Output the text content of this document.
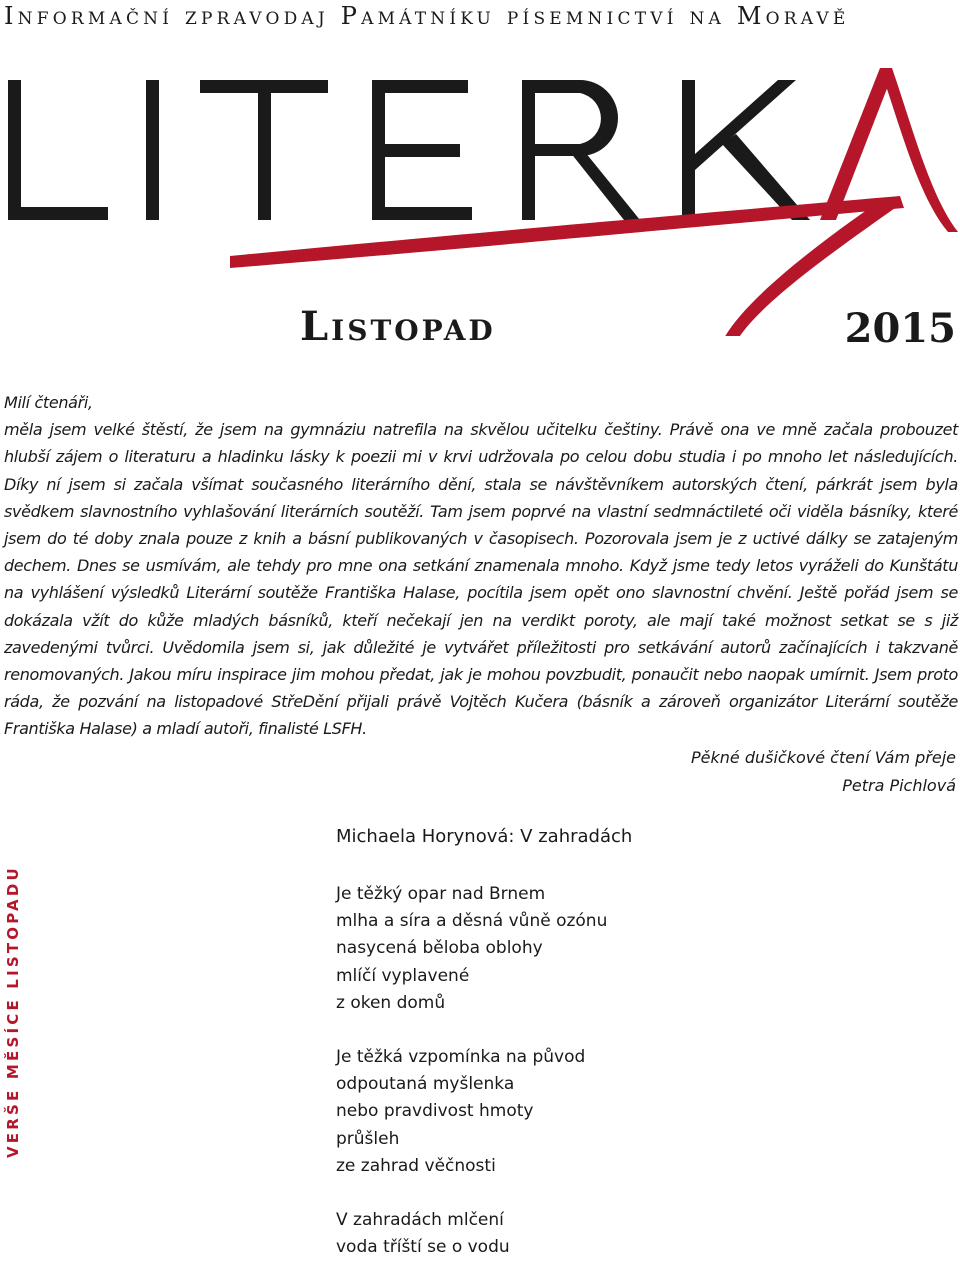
Informační zpravodaj Památníku písemnictví na Moravě
Listopad	2015

Milí čtenáři,

měla jsem velké štěstí, že jsem na gymnáziu natrefila na skvělou učitelku češtiny. Právě ona ve mně začala probouzet hlubší zájem o literaturu a hladinku lásky k poezii mi v krvi udržovala po celou dobu studia i po mnoho let následujících. Díky ní jsem si začala všímat současného literárního dění, stala se návštěvníkem autorských čtení, párkrát jsem byla svědkem slavnostního vyhlašování literárních soutěží. Tam jsem poprvé na vlastní sedmnáctileté oči viděla básníky, které jsem do té doby znala pouze z knih a básní publikovaných v časopisech. Pozorovala jsem je z uctivé dálky se zatajeným dechem. Dnes se usmívám, ale tehdy pro mne ona setkání znamenala mnoho. Když jsme tedy letos vyráželi do Kunštátu na vyhlášení výsledků Literární soutěže Františka Halase, pocítila jsem opět ono slavnostní chvění. Ještě pořád jsem se dokázala vžít do kůže mladých básníků, kteří nečekají jen na verdikt poroty, ale mají také možnost setkat se s již zavedenými tvůrci. Uvědomila jsem si, jak důležité je vytvářet příležitosti pro setkávání autorů začínajících i takzvaně renomovaných. Jakou míru inspirace jim mohou předat, jak je mohou povzbudit, ponaučit nebo naopak umírnit. Jsem proto ráda, že pozvání na listopadové StřeDění přijali právě Vojtěch Kučera (básník a zároveň organizátor Literární soutěže Františka Halase) a mladí autoři, finalisté LSFH.

Pěkné dušičkové čtení Vám přeje
Petra Pichlová
VERŠE MĚSÍCE LISTOPADU
Michaela Horynová: V zahradách
Je těžký opar nad Brnem
mlha a síra a děsná vůně ozónu
nasycená běloba oblohy
mlíčí vyplavené
z oken domů
Je těžká vzpomínka na původ
odpoutaná myšlenka
nebo pravdivost hmoty
průšleh
ze zahrad věčnosti
V zahradách mlčení
voda tříští se o vodu
